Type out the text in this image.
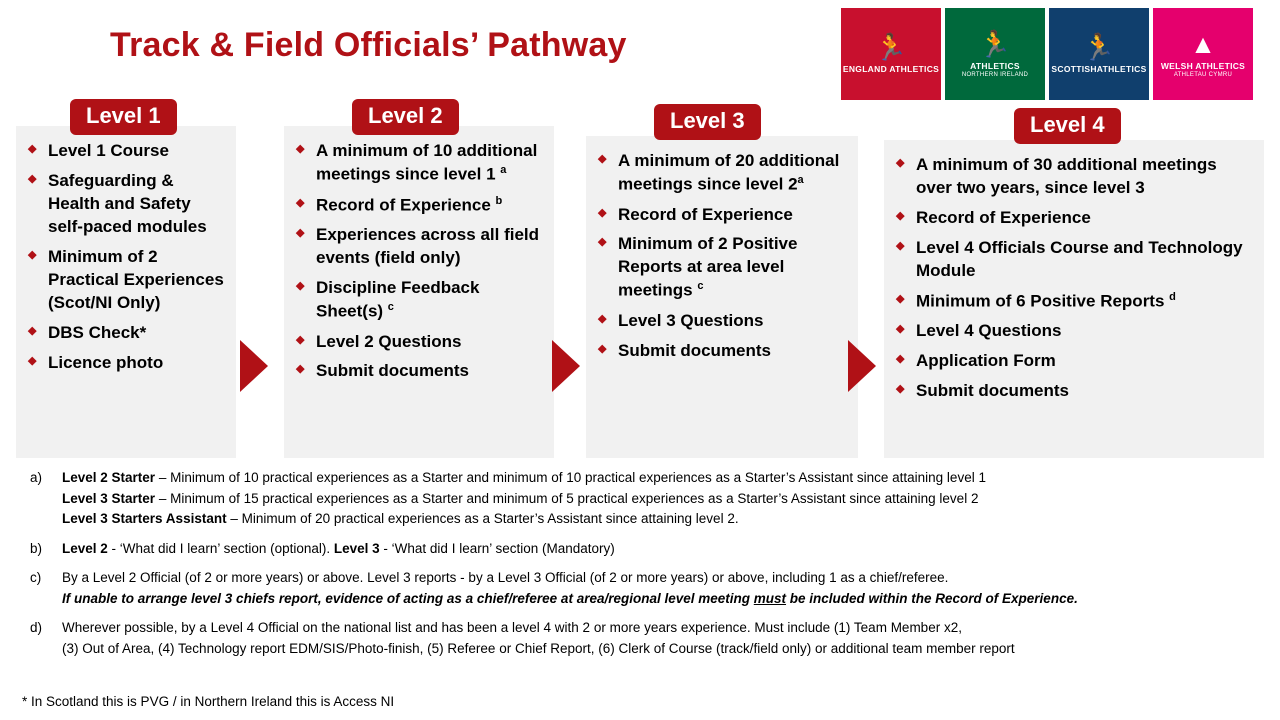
Track & Field Officials’ Pathway	🏃
ENGLAND ATHLETICS
🏃
ATHLETICS
NORTHERN IRELAND
🏃
SCOTTISHATHLETICS
▲
WELSH ATHLETICS
ATHLETAU CYMRU
◆ Level 1 Course
◆ Safeguarding & Health and Safety self-paced modules
◆ Minimum of 2 Practical Experiences (Scot/NI Only)
◆ DBS Check*
◆ Licence photo
Level 1
◆ A minimum of 10 additional meetings since level 1 $^a$
◆ Record of Experience $^b$
◆ Experiences across all field events (field only)
◆ Discipline Feedback Sheet(s) $^c$
◆ Level 2 Questions
◆ Submit documents
Level 2
◆ A minimum of 20 additional meetings since level 2$^a$
◆ Record of Experience
◆ Minimum of 2 Positive Reports at area level meetings $^c$
◆ Level 3 Questions
◆ Submit documents
Level 3
◆ A minimum of 30 additional meetings over two years, since level 3
◆ Record of Experience
◆ Level 4 Officials Course and Technology Module
◆ Minimum of 6 Positive Reports $^d$
◆ Level 4 Questions
◆ Application Form
◆ Submit documents
Level 4
a)	Level 2 Starter – Minimum of 10 practical experiences as a Starter and minimum of 10 practical experiences as a Starter’s Assistant since attaining level 1
Level 3 Starter – Minimum of 15 practical experiences as a Starter and minimum of 5 practical experiences as a Starter’s Assistant since attaining level 2
Level 3 Starters Assistant – Minimum of 20 practical experiences as a Starter’s Assistant since attaining level 2.
b)	Level 2 - ‘What did I learn’ section (optional). Level 3 - ‘What did I learn’ section (Mandatory)
c)	By a Level 2 Official (of 2 or more years) or above. Level 3 reports - by a Level 3 Official (of 2 or more years) or above, including 1 as a chief/referee.
If unable to arrange level 3 chiefs report, evidence of acting as a chief/referee at area/regional level meeting must be included within the Record of Experience.
d)	Wherever possible, by a Level 4 Official on the national list and has been a level 4 with 2 or more years experience. Must include (1) Team Member x2,
(3) Out of Area, (4) Technology report EDM/SIS/Photo-finish, (5) Referee or Chief Report, (6) Clerk of Course (track/field only) or additional team member report
* In Scotland this is PVG / in Northern Ireland this is Access NI
